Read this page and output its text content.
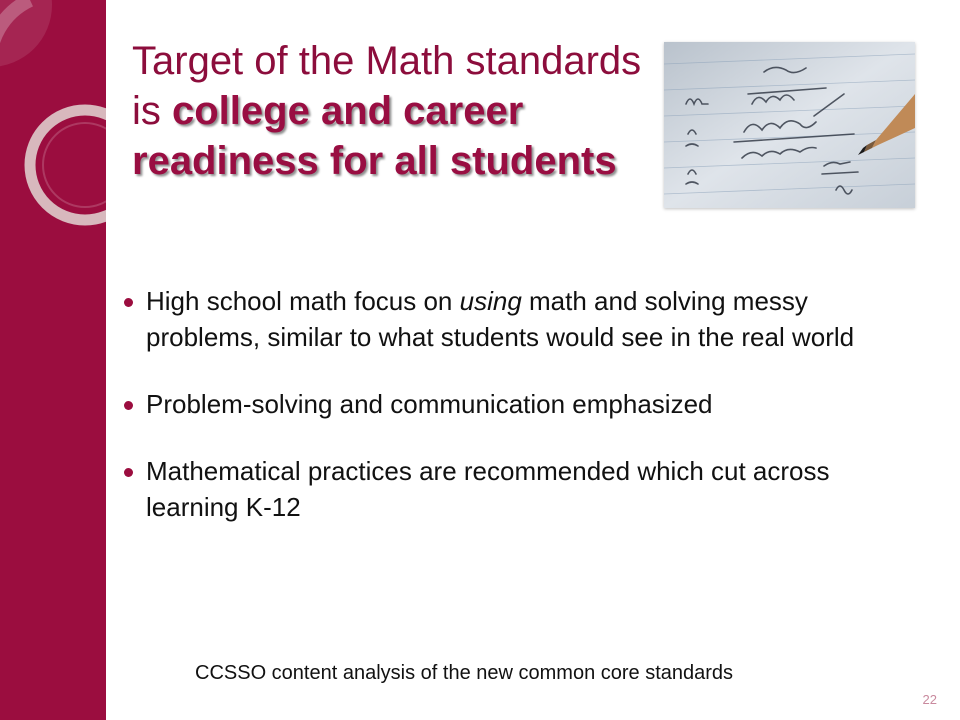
Target of the Math standards is college and career readiness for all students
High school math focus on using math and solving messy problems, similar to what students would see in the real world
Problem-solving and communication emphasized
Mathematical practices are recommended which cut across learning K-12
CCSSO content analysis of the new common core standards
22
